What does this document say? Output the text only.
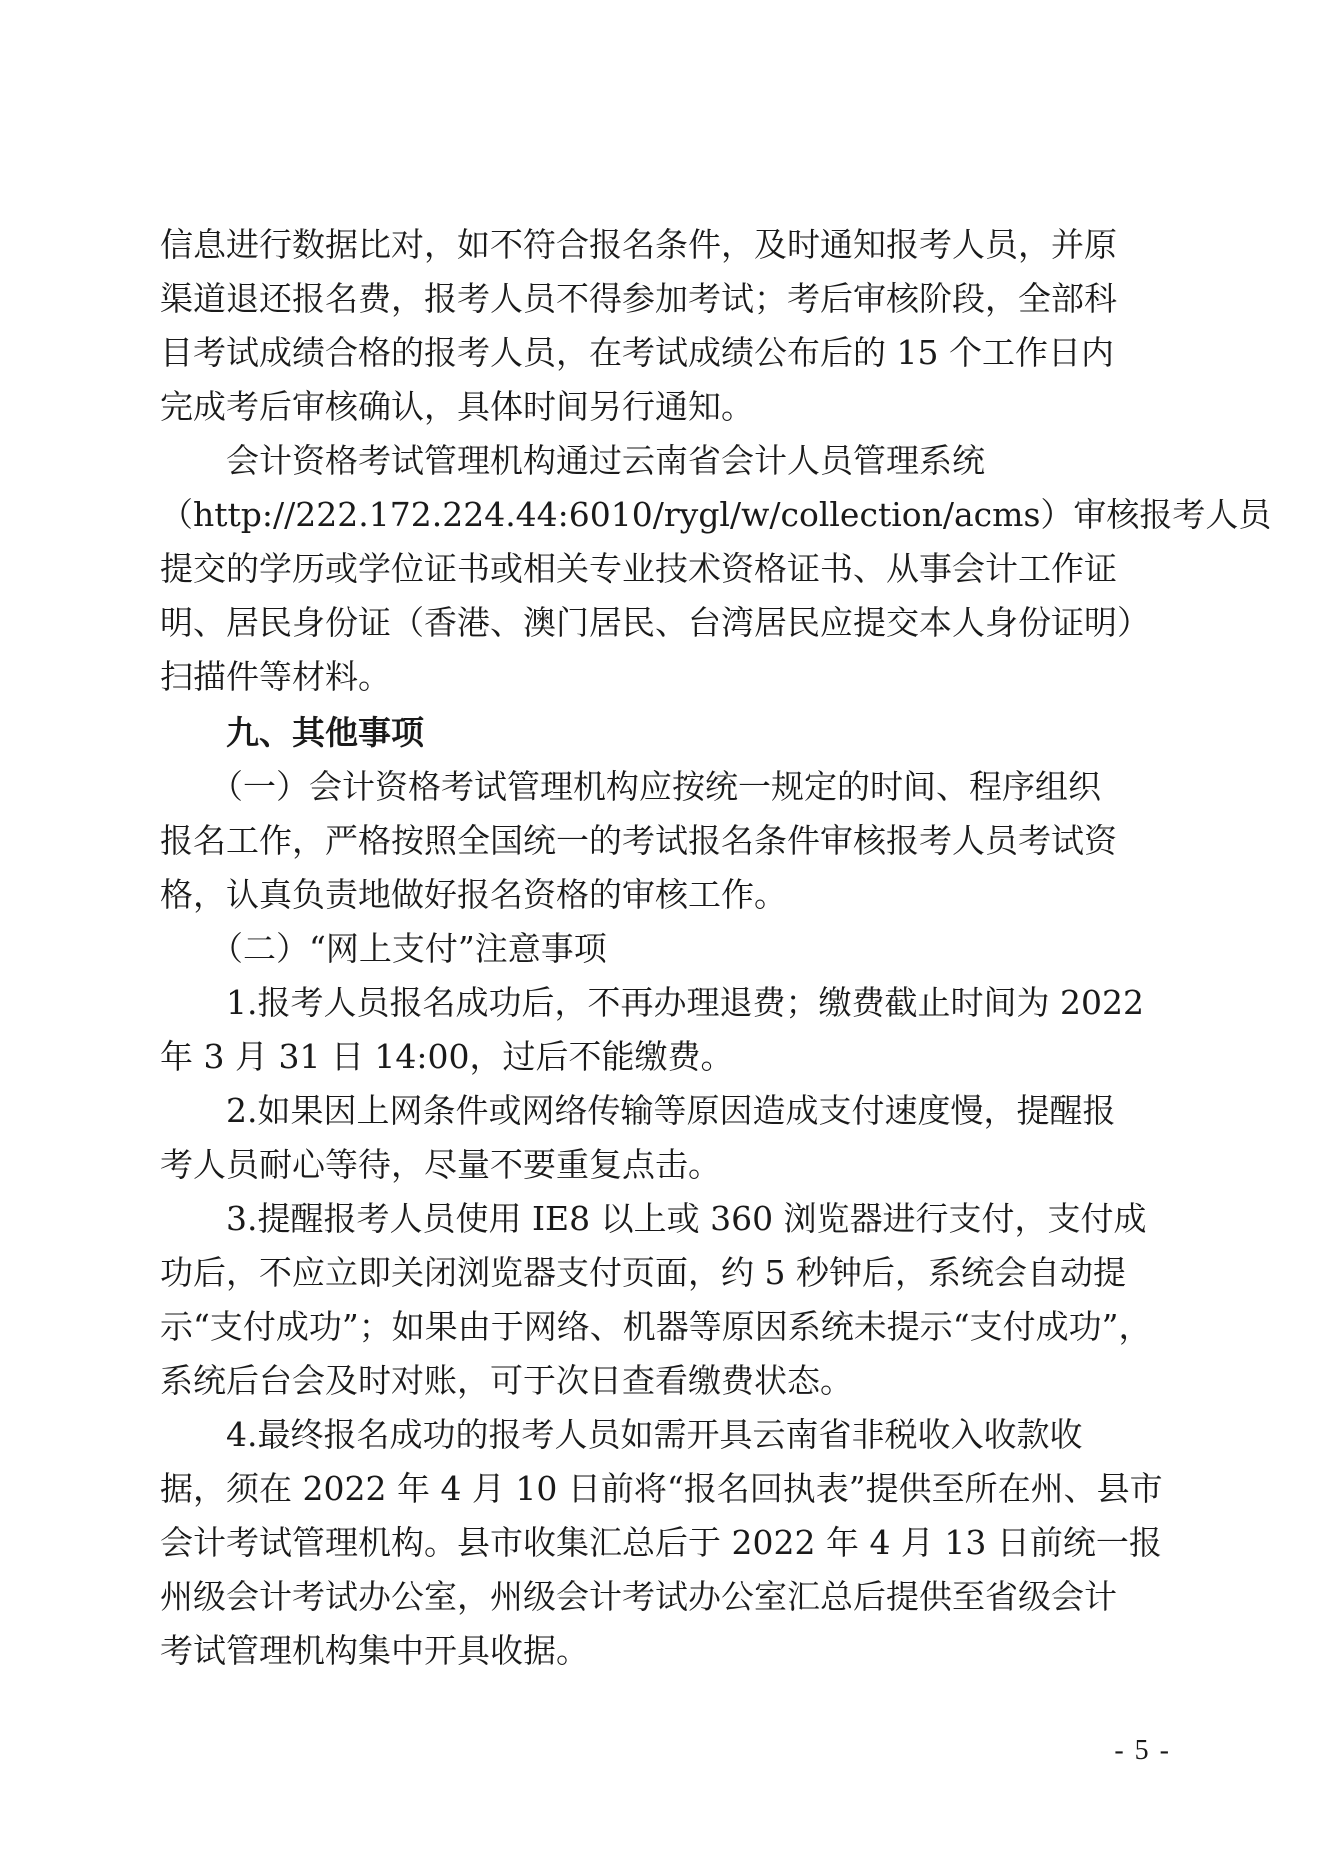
信息进行数据比对，如不符合报名条件，及时通知报考人员，并原
渠道退还报名费，报考人员不得参加考试；考后审核阶段，全部科
目考试成绩合格的报考人员，在考试成绩公布后的 15 个工作日内
完成考后审核确认，具体时间另行通知。
会计资格考试管理机构通过云南省会计人员管理系统
（http://222.172.224.44:6010/rygl/w/collection/acms）审核报考人员
提交的学历或学位证书或相关专业技术资格证书、从事会计工作证
明、居民身份证（香港、澳门居民、台湾居民应提交本人身份证明）
扫描件等材料。
九、其他事项
（一）会计资格考试管理机构应按统一规定的时间、程序组织
报名工作，严格按照全国统一的考试报名条件审核报考人员考试资
格，认真负责地做好报名资格的审核工作。
（二）“网上支付”注意事项
1.报考人员报名成功后，不再办理退费；缴费截止时间为 2022
年 3 月 31 日 14:00，过后不能缴费。
2.如果因上网条件或网络传输等原因造成支付速度慢，提醒报
考人员耐心等待，尽量不要重复点击。
3.提醒报考人员使用 IE8 以上或 360 浏览器进行支付，支付成
功后，不应立即关闭浏览器支付页面，约 5 秒钟后，系统会自动提
示“支付成功”；如果由于网络、机器等原因系统未提示“支付成功”，
系统后台会及时对账，可于次日查看缴费状态。
4.最终报名成功的报考人员如需开具云南省非税收入收款收
据，须在 2022 年 4 月 10 日前将“报名回执表”提供至所在州、县市
会计考试管理机构。县市收集汇总后于 2022 年 4 月 13 日前统一报
州级会计考试办公室，州级会计考试办公室汇总后提供至省级会计
考试管理机构集中开具收据。
- 5 -
